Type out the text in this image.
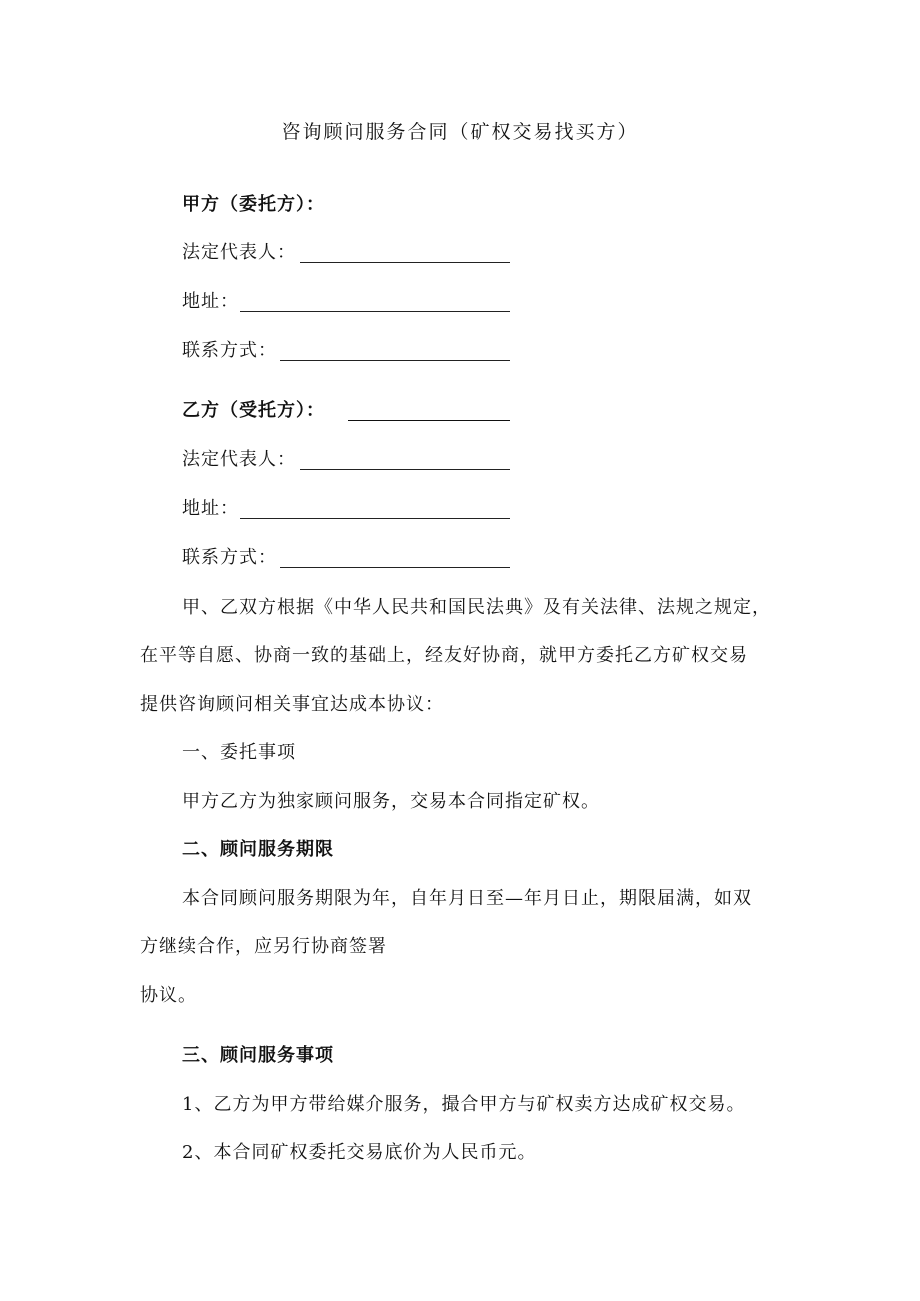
咨询顾问服务合同（矿权交易找买方）
甲方（委托方）：
法定代表人：
地址：
联系方式：
乙方（受托方）：
法定代表人：
地址：
联系方式：
甲、乙双方根据《中华人民共和国民法典》及有关法律、法规之规定，
在平等自愿、协商一致的基础上，经友好协商，就甲方委托乙方矿权交易
提供咨询顾问相关事宜达成本协议：
一、委托事项
甲方乙方为独家顾问服务，交易本合同指定矿权。
二、顾问服务期限
本合同顾问服务期限为年，自年月日至—年月日止，期限届满，如双
方继续合作，应另行协商签署
协议。
三、顾问服务事项
1、乙方为甲方带给媒介服务，撮合甲方与矿权卖方达成矿权交易。
2、本合同矿权委托交易底价为人民币元。
